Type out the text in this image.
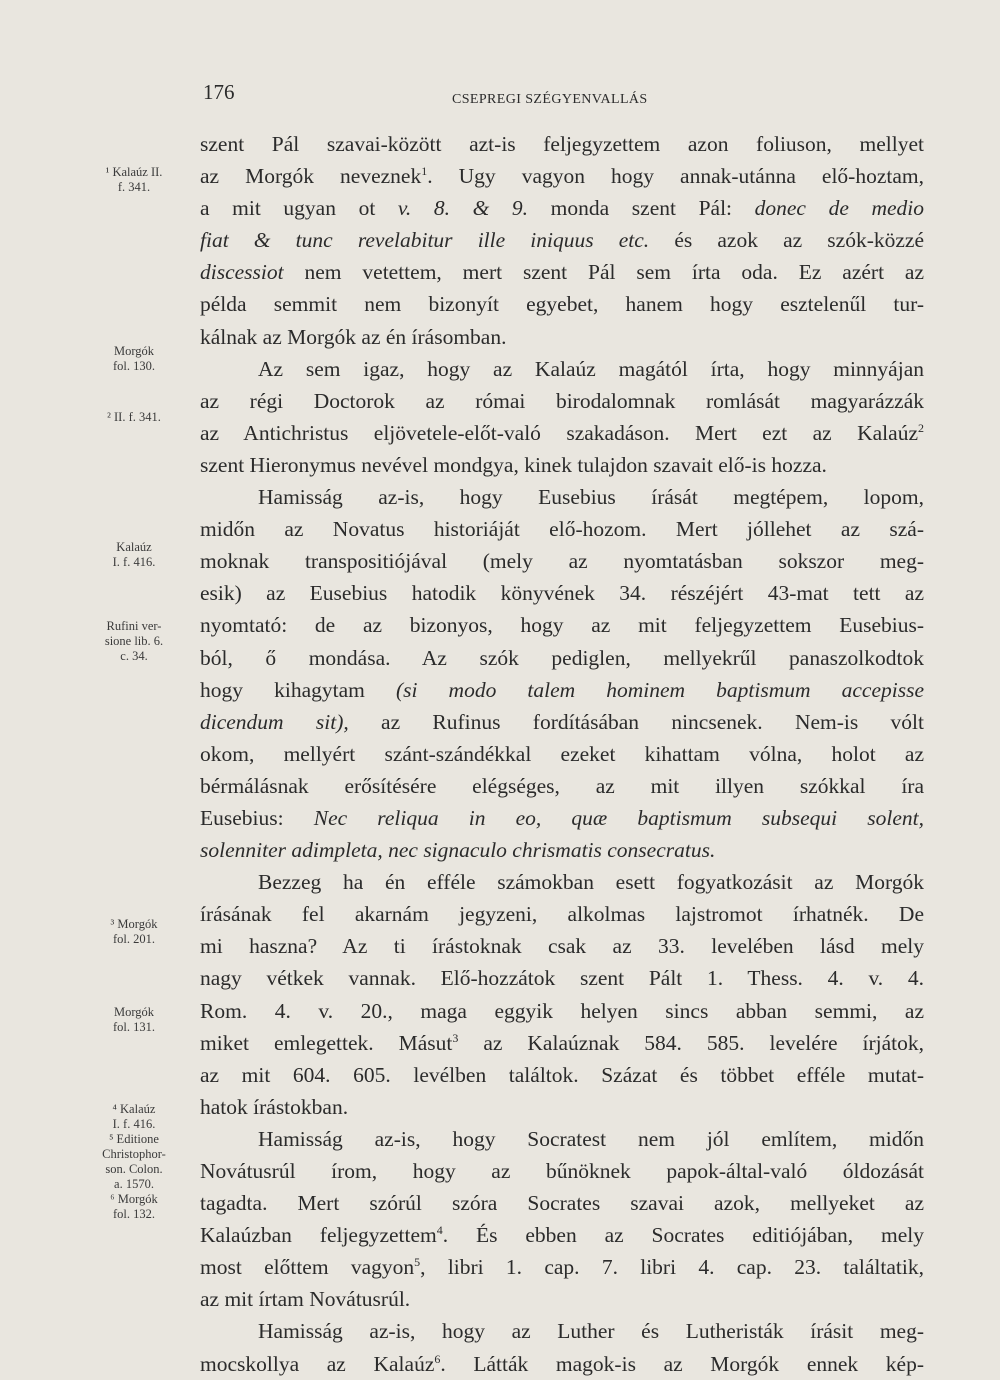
176	CSEPREGI SZÉGYENVALLÁS
¹ Kalaúz II.
f. 341.
Morgók
fol. 130.
² II. f. 341.
Kalaúz
I. f. 416.
Rufini ver-
sione lib. 6.
c. 34.
³ Morgók
fol. 201.
Morgók
fol. 131.
⁴ Kalaúz
I. f. 416.
⁵ Editione
Christophor-
son. Colon.
a. 1570.
⁶ Morgók
fol. 132.
szent Pál szavai-között azt-is feljegyzettem azon foliuson, mellyet
az Morgók neveznek$^1$. Ugy vagyon hogy annak-utánna elő-hoztam,
a mit ugyan ot v. 8. & 9. monda szent Pál: donec de medio
fiat & tunc revelabitur ille iniquus etc. és azok az szók-közzé
discessiot nem vetettem, mert szent Pál sem írta oda. Ez azért az
példa semmit nem bizonyít egyebet, hanem hogy esztelenűl tur-
kálnak az Morgók az én írásomban.
Az sem igaz, hogy az Kalaúz magától írta, hogy minnyájan
az régi Doctorok az római birodalomnak romlását magyarázzák
az Antichristus eljövetele-előt-való szakadáson. Mert ezt az Kalaúz$^2$
szent Hieronymus nevével mondgya, kinek tulajdon szavait elő-is hozza.
Hamisság az-is, hogy Eusebius írását megtépem, lopom,
midőn az Novatus historiáját elő-hozom. Mert jóllehet az szá-
moknak transpositiójával (mely az nyomtatásban sokszor meg-
esik) az Eusebius hatodik könyvének 34. részéjért 43-mat tett az
nyomtató: de az bizonyos, hogy az mit feljegyzettem Eusebius-
ból, ő mondása. Az szók pediglen, mellyekrűl panaszolkodtok
hogy kihagytam (si modo talem hominem baptismum accepisse
dicendum sit), az Rufinus fordításában nincsenek. Nem-is vólt
okom, mellyért szánt-szándékkal ezeket kihattam vólna, holot az
bérmálásnak erősítésére elégséges, az mit illyen szókkal íra
Eusebius: Nec reliqua in eo, quæ baptismum subsequi solent,
solenniter adimpleta, nec signaculo chrismatis consecratus.
Bezzeg ha én efféle számokban esett fogyatkozásit az Morgók
írásának fel akarnám jegyzeni, alkolmas lajstromot írhatnék. De
mi haszna? Az ti írástoknak csak az 33. levelében lásd mely
nagy vétkek vannak. Elő-hozzátok szent Pált 1. Thess. 4. v. 4.
Rom. 4. v. 20., maga eggyik helyen sincs abban semmi, az
miket emlegettek. Másut$^3$ az Kalaúznak 584. 585. levelére írjátok,
az mit 604. 605. levélben találtok. Százat és többet efféle mutat-
hatok írástokban.
Hamisság az-is, hogy Socratest nem jól említem, midőn
Novátusrúl írom, hogy az bűnöknek papok-által-való óldozását
tagadta. Mert szórúl szóra Socrates szavai azok, mellyeket az
Kalaúzban feljegyzettem$^4$. És ebben az Socrates editiójában, mely
most előttem vagyon$^5$, libri 1. cap. 7. libri 4. cap. 23. találtatik,
az mit írtam Novátusrúl.
Hamisság az-is, hogy az Luther és Lutheristák írásit meg-
mocskollya az Kalaúz$^6$. Látták magok-is az Morgók ennek kép-
